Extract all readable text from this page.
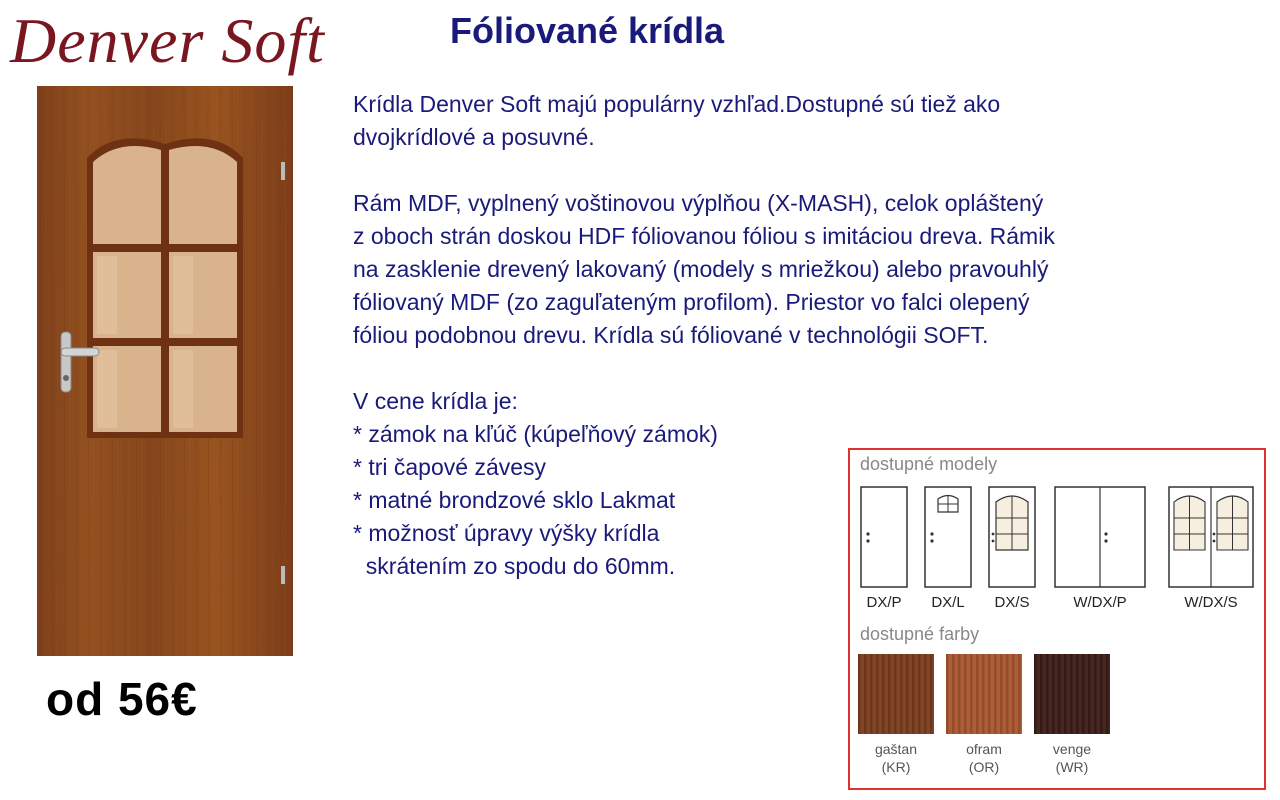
Denver Soft	Fóliované krídla

Krídla Denver Soft majú populárny vzhľad.Dostupné sú tiež ako

dvojkrídlové a posuvné.

Rám MDF, vyplnený voštinovou výplňou (X-MASH), celok opláštený

z oboch strán doskou HDF fóliovanou fóliou s imitáciou dreva. Rámik

na zasklenie drevený lakovaný (modely s mriežkou) alebo pravouhlý

fóliovaný MDF (zo zaguľateným profilom). Priestor vo falci olepený

fóliou podobnou drevu. Krídla sú fóliované v technológii SOFT.

V cene krídla je:

* zámok na kľúč (kúpeľňový zámok)

* tri čapové závesy

* matné brondzové sklo Lakmat

* možnosť úpravy výšky krídla

skrátením zo spodu do 60mm.

od 56€
dostupné modely
DX/P	DX/L	DX/S	W/DX/P	W/DX/S
dostupné farby
gaštan
(KR)
ofram
(OR)
venge
(WR)
